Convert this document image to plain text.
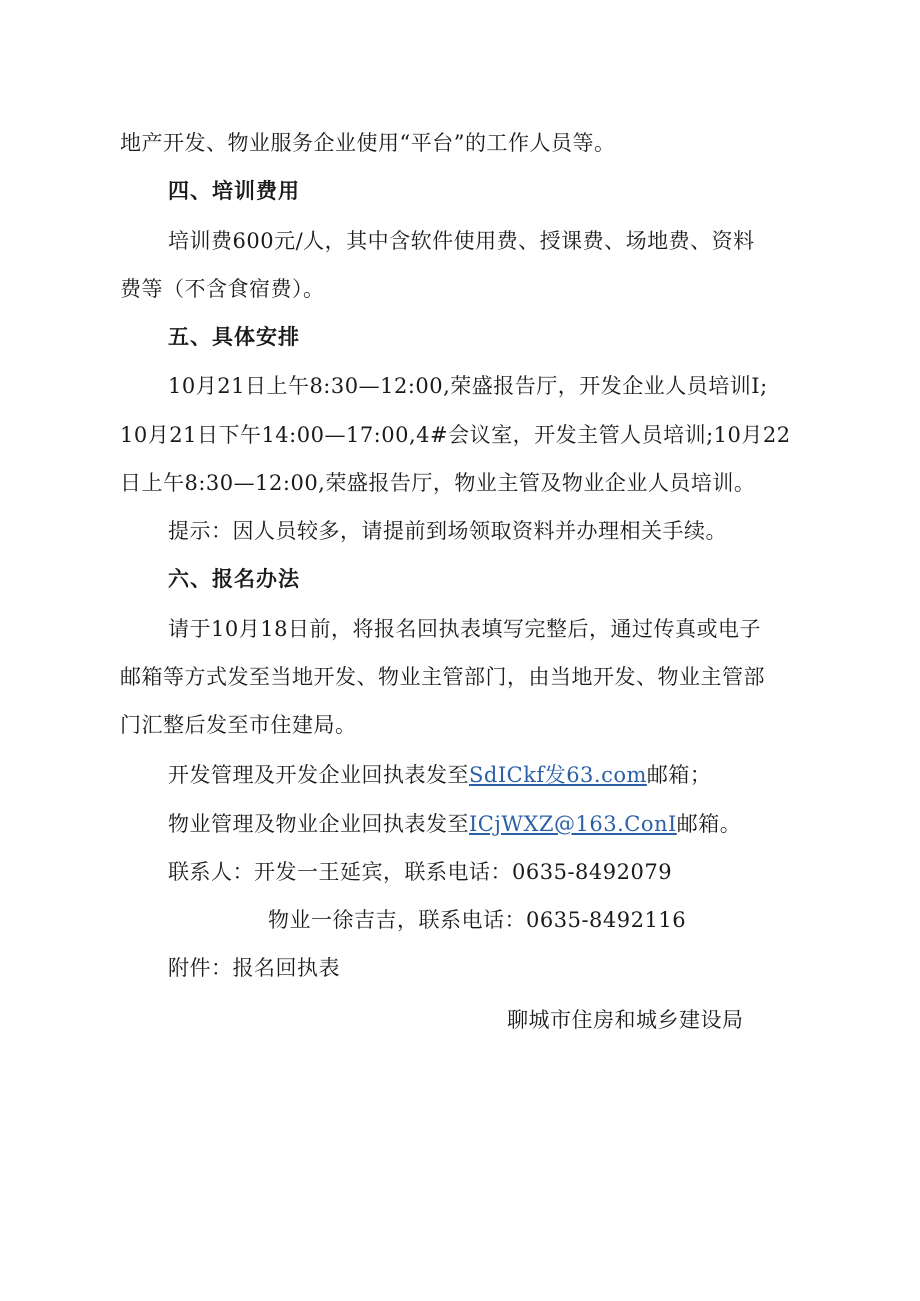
地产开发、物业服务企业使用“平台”的工作人员等。
四、培训费用
培训费600元/人，其中含软件使用费、授课费、场地费、资料
费等（不含食宿费）。
五、具体安排
10月21日上午8:30—12:00,荣盛报告厅，开发企业人员培训I;
10月21日下午14:00—17:00,4#会议室，开发主管人员培训;10月22
日上午8:30—12:00,荣盛报告厅，物业主管及物业企业人员培训。
提示：因人员较多，请提前到场领取资料并办理相关手续。
六、报名办法
请于10月18日前，将报名回执表填写完整后，通过传真或电子
邮箱等方式发至当地开发、物业主管部门，由当地开发、物业主管部
门汇整后发至市住建局。
开发管理及开发企业回执表发至SdICkf发63.com邮箱；
物业管理及物业企业回执表发至ICjWXZ@163.ConI邮箱。
联系人：开发一王延宾，联系电话：0635-8492079
物业一徐吉吉，联系电话：0635-8492116
附件：报名回执表
聊城市住房和城乡建设局
